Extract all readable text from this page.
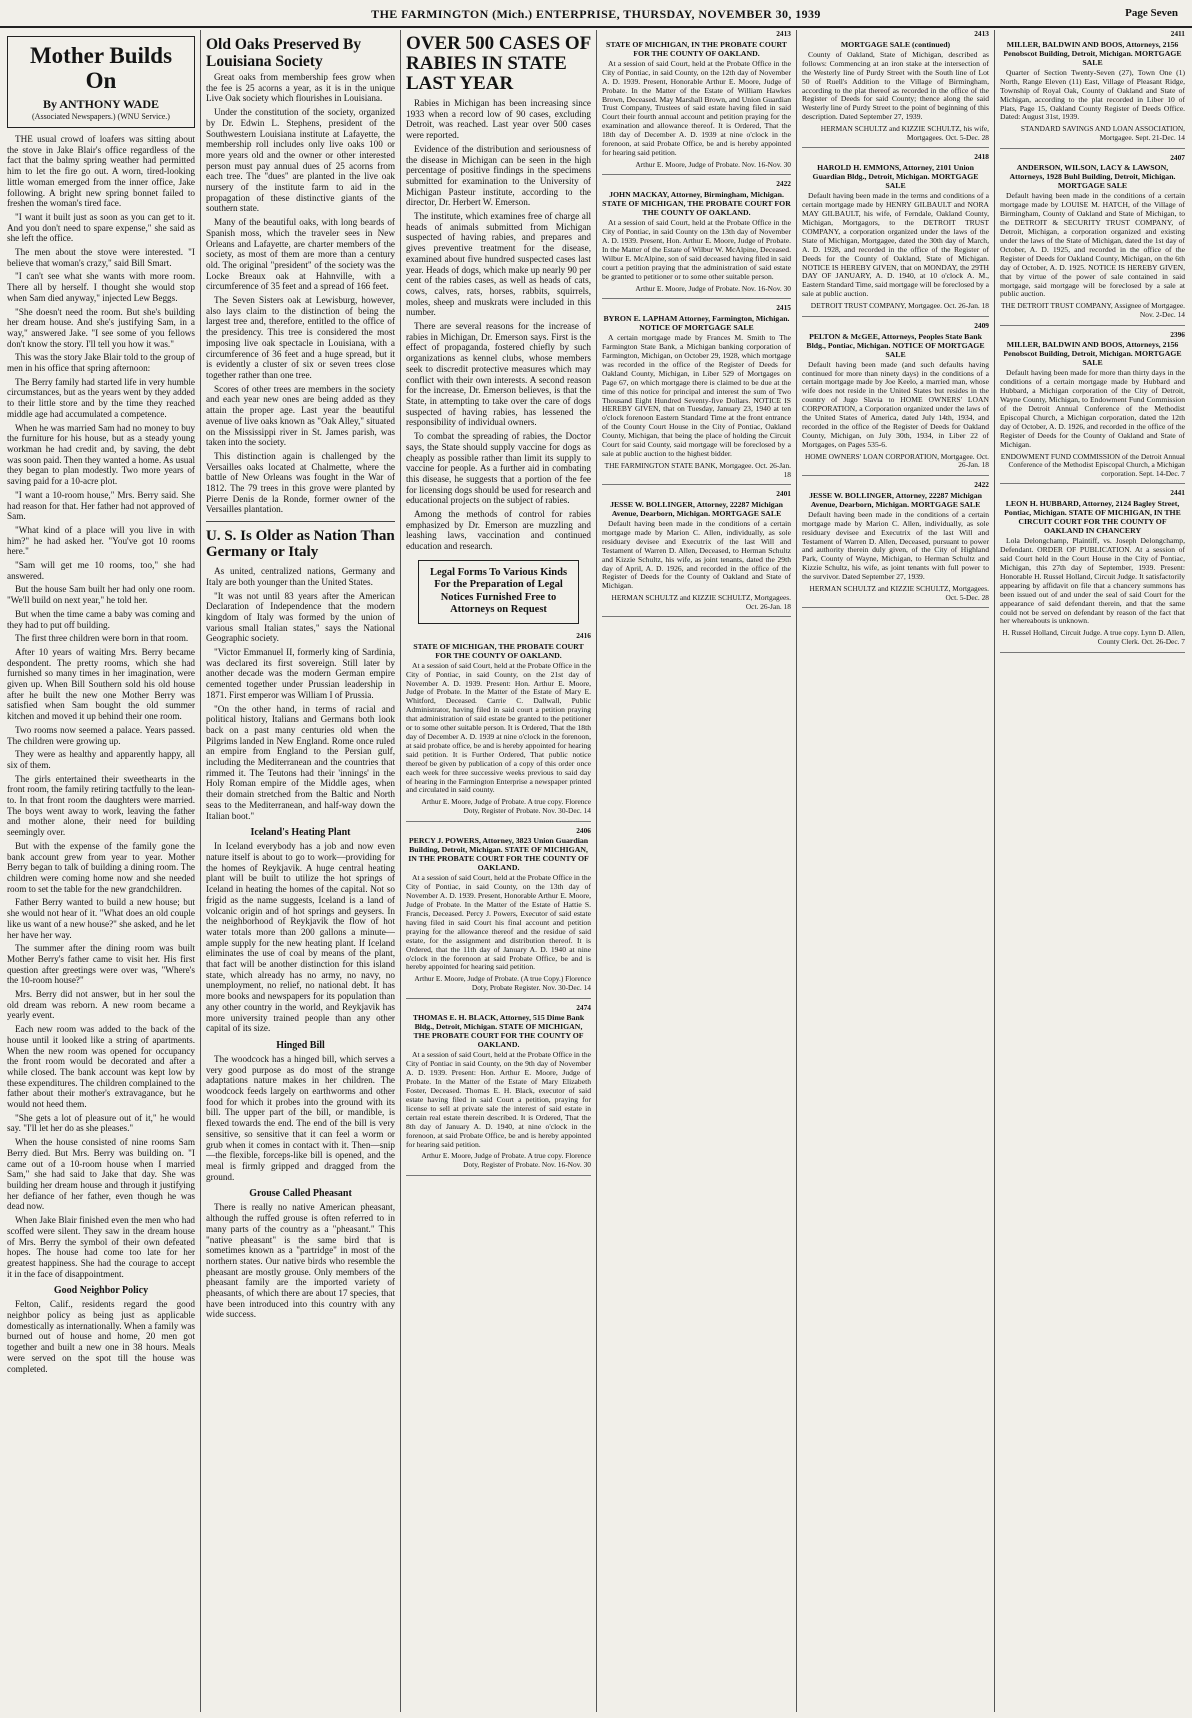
THE FARMINGTON (Mich.) ENTERPRISE, THURSDAY, NOVEMBER 30, 1939	Page Seven
Mother Builds On
By ANTHONY WADE
(Associated Newspapers.) (WNU Service.)

THE usual crowd of loafers was sitting about the stove in Jake Blair's office regardless of the fact that the balmy spring weather had permitted him to let the fire go out. A worn, tired-looking little woman emerged from the inner office, Jake following. A bright new spring bonnet failed to freshen the woman's tired face.

"I want it built just as soon as you can get to it. And you don't need to spare expense," she said as she left the office.

The men about the stove were interested. "I believe that woman's crazy," said Bill Smart.

"I can't see what she wants with more room. There all by herself. I thought she would stop when Sam died anyway," injected Lew Beggs.

"She doesn't need the room. But she's building her dream house. And she's justifying Sam, in a way," answered Jake. "I see some of you fellows don't know the story. I'll tell you how it was."

This was the story Jake Blair told to the group of men in his office that spring afternoon:

The Berry family had started life in very humble circumstances, but as the years went by they added to their little store and by the time they reached middle age had accumulated a competence.

When he was married Sam had no money to buy the furniture for his house, but as a steady young workman he had credit and, by saving, the debt was soon paid. Then they wanted a home. As usual they began to plan modestly. Two more years of saving paid for a 10-acre plot.

"I want a 10-room house," Mrs. Berry said. She had reason for that. Her father had not approved of Sam.

"What kind of a place will you live in with him?" he had asked her. "You've got 10 rooms here."

"Sam will get me 10 rooms, too," she had answered.

But the house Sam built her had only one room. "We'll build on next year," he told her.

But when the time came a baby was coming and they had to put off building.

The first three children were born in that room.

After 10 years of waiting Mrs. Berry became despondent. The pretty rooms, which she had furnished so many times in her imagination, were given up. When Bill Southern sold his old house after he built the new one Mother Berry was satisfied when Sam bought the old summer kitchen and moved it up behind their one room.

Two rooms now seemed a palace. Years passed. The children were growing up.

They were as healthy and apparently happy, all six of them.

The girls entertained their sweethearts in the front room, the family retiring tactfully to the lean-to. In that front room the daughters were married. The boys went away to work, leaving the father and mother alone, their need for building seemingly over.

But with the expense of the family gone the bank account grew from year to year. Mother Berry began to talk of building a dining room. The children were coming home now and she needed room to set the table for the new grandchildren.

Father Berry wanted to build a new house; but she would not hear of it. "What does an old couple like us want of a new house?" she asked, and he let her have her way.

The summer after the dining room was built Mother Berry's father came to visit her. His first question after greetings were over was, "Where's the 10-room house?"

Mrs. Berry did not answer, but in her soul the old dream was reborn. A new room became a yearly event.

Each new room was added to the back of the house until it looked like a string of apartments. When the new room was opened for occupancy the front room would be decorated and after a while closed. The bank account was kept low by these expenditures. The children complained to the father about their mother's extravagance, but he would not heed them.

"She gets a lot of pleasure out of it," he would say. "I'll let her do as she pleases."

When the house consisted of nine rooms Sam Berry died. But Mrs. Berry was building on. "I came out of a 10-room house when I married Sam," she had said to Jake that day. She was building her dream house and through it justifying her defiance of her father, even though he was dead now.

When Jake Blair finished even the men who had scoffed were silent. They saw in the dream house of Mrs. Berry the symbol of their own defeated hopes. The house had come too late for her greatest happiness. She had the courage to accept it in the face of disappointment.

Good Neighbor Policy

Felton, Calif., residents regard the good neighbor policy as being just as applicable domestically as internationally. When a family was burned out of house and home, 20 men got together and built a new one in 38 hours. Meals were served on the spot till the house was completed.

Old Oaks Preserved By Louisiana Society

Great oaks from membership fees grow when the fee is 25 acorns a year, as it is in the unique Live Oak society which flourishes in Louisiana.

Under the constitution of the society, organized by Dr. Edwin L. Stephens, president of the Southwestern Louisiana institute at Lafayette, the membership roll includes only live oaks 100 or more years old and the owner or other interested person must pay annual dues of 25 acorns from each tree. The "dues" are planted in the live oak nursery of the institute farm to aid in the propagation of these distinctive giants of the southern state.

Many of the beautiful oaks, with long beards of Spanish moss, which the traveler sees in New Orleans and Lafayette, are charter members of the society, as most of them are more than a century old. The original "president" of the society was the Locke Breaux oak at Hahnville, with a circumference of 35 feet and a spread of 166 feet.

The Seven Sisters oak at Lewisburg, however, also lays claim to the distinction of being the largest tree and, therefore, entitled to the office of the presidency. This tree is considered the most imposing live oak spectacle in Louisiana, with a circumference of 36 feet and a huge spread, but it is evidently a cluster of six or seven trees close together rather than one tree.

Scores of other trees are members in the society and each year new ones are being added as they attain the proper age. Last year the beautiful avenue of live oaks known as "Oak Alley," situated on the Mississippi river in St. James parish, was taken into the society.

This distinction again is challenged by the Versailles oaks located at Chalmette, where the battle of New Orleans was fought in the War of 1812. The 79 trees in this grove were planted by Pierre Denis de la Ronde, former owner of the Versailles plantation.

U. S. Is Older as Nation Than Germany or Italy

As united, centralized nations, Germany and Italy are both younger than the United States.

"It was not until 83 years after the American Declaration of Independence that the modern kingdom of Italy was formed by the union of various small Italian states," says the National Geographic society.

"Victor Emmanuel II, formerly king of Sardinia, was declared its first sovereign. Still later by another decade was the modern German empire cemented together under Prussian leadership in 1871. First emperor was William I of Prussia.

"On the other hand, in terms of racial and political history, Italians and Germans both look back on a past many centuries old when the Pilgrims landed in New England. Rome once ruled an empire from England to the Persian gulf, including the Mediterranean and the countries that rimmed it. The Teutons had their 'innings' in the Holy Roman empire of the Middle ages, when their domain stretched from the Baltic and North seas to the Mediterranean, and half-way down the Italian boot."

Iceland's Heating Plant

In Iceland everybody has a job and now even nature itself is about to go to work—providing for the homes of Reykjavik. A huge central heating plant will be built to utilize the hot springs of Iceland in heating the homes of the capital. Not so frigid as the name suggests, Iceland is a land of volcanic origin and of hot springs and geysers. In the neighborhood of Reykjavik the flow of hot water totals more than 200 gallons a minute—ample supply for the new heating plant. If Iceland eliminates the use of coal by means of the plant, that fact will be another distinction for this island state, which already has no army, no navy, no unemployment, no relief, no national debt. It has more books and newspapers for its population than any other country in the world, and Reykjavik has more university trained people than any other capital of its size.

Hinged Bill

The woodcock has a hinged bill, which serves a very good purpose as do most of the strange adaptations nature makes in her children. The woodcock feeds largely on earthworms and other food for which it probes into the ground with its bill. The upper part of the bill, or mandible, is flexed towards the end. The end of the bill is very sensitive, so sensitive that it can feel a worm or grub when it comes in contact with it. Then—snip—the flexible, forceps-like bill is opened, and the meal is firmly gripped and dragged from the ground.

Grouse Called Pheasant

There is really no native American pheasant, although the ruffed grouse is often referred to in many parts of the country as a "pheasant." This "native pheasant" is the same bird that is sometimes known as a "partridge" in most of the northern states. Our native birds who resemble the pheasant are mostly grouse. Only members of the pheasant family are the imported variety of pheasants, of which there are about 17 species, that have been introduced into this country with any wide success.

OVER 500 CASES OF RABIES IN STATE LAST YEAR

Rabies in Michigan has been increasing since 1933 when a record low of 90 cases, excluding Detroit, was reached. Last year over 500 cases were reported.

Evidence of the distribution and seriousness of the disease in Michigan can be seen in the high percentage of positive findings in the specimens submitted for examination to the University of Michigan Pasteur institute, according to the director, Dr. Herbert W. Emerson.

The institute, which examines free of charge all heads of animals submitted from Michigan suspected of having rabies, and prepares and gives preventive treatment for the disease, examined about five hundred suspected cases last year. Heads of dogs, which make up nearly 90 per cent of the rabies cases, as well as heads of cats, cows, calves, rats, horses, rabbits, squirrels, moles, sheep and muskrats were included in this number.

There are several reasons for the increase of rabies in Michigan, Dr. Emerson says. First is the effect of propaganda, fostered chiefly by such organizations as kennel clubs, whose members seek to discredit protective measures which may conflict with their own interests. A second reason for the increase, Dr. Emerson believes, is that the State, in attempting to take over the care of dogs suspected of having rabies, has lessened the responsibility of individual owners.

To combat the spreading of rabies, the Doctor says, the State should supply vaccine for dogs as cheaply as possible rather than limit its supply to vaccine for people. As a further aid in combating this disease, he suggests that a portion of the fee for licensing dogs should be used for research and educational projects on the subject of rabies.

Among the methods of control for rabies emphasized by Dr. Emerson are muzzling and leashing laws, vaccination and continued education and research.

Legal Forms To Various Kinds For the Preparation of Legal Notices Furnished Free to Attorneys on Request

2416

STATE OF MICHIGAN, THE PROBATE COURT FOR THE COUNTY OF OAKLAND.

At a session of said Court, held at the Probate Office in the City of Pontiac, in said County, on the 21st day of November A. D. 1939. Present: Hon. Arthur E. Moore, Judge of Probate. In the Matter of the Estate of Mary E. Whitford, Deceased. Carrie C. Dallwall, Public Administrator, having filed in said court a petition praying that administration of said estate be granted to the petitioner or to some other suitable person. It is Ordered, That the 18th day of December A. D. 1939 at nine o'clock in the forenoon, at said probate office, be and is hereby appointed for hearing said petition. It is Further Ordered, That public notice thereof be given by publication of a copy of this order once each week for three successive weeks previous to said day of hearing in the Farmington Enterprise a newspaper printed and circulated in said county.

Arthur E. Moore, Judge of Probate. A true copy. Florence Doty, Register of Probate. Nov. 30-Dec. 14

2406

PERCY J. POWERS, Attorney, 3823 Union Guardian Building, Detroit, Michigan. STATE OF MICHIGAN, IN THE PROBATE COURT FOR THE COUNTY OF OAKLAND.

At a session of said Court, held at the Probate Office in the City of Pontiac, in said County, on the 13th day of November A. D. 1939. Present, Honorable Arthur E. Moore, Judge of Probate. In the Matter of the Estate of Hattie S. Francis, Deceased. Percy J. Powers, Executor of said estate having filed in said Court his final account and petition praying for the allowance thereof and the residue of said estate, for the assignment and distribution thereof. It is Ordered, that the 11th day of January A. D. 1940 at nine o'clock in the forenoon at said Probate Office, be and is hereby appointed for hearing said petition.

Arthur E. Moore, Judge of Probate. (A true Copy.) Florence Doty, Probate Register. Nov. 30-Dec. 14

2474

THOMAS E. H. BLACK, Attorney, 515 Dime Bank Bldg., Detroit, Michigan. STATE OF MICHIGAN, THE PROBATE COURT FOR THE COUNTY OF OAKLAND.

At a session of said Court, held at the Probate Office in the City of Pontiac in said County, on the 9th day of November A. D. 1939. Present: Hon. Arthur E. Moore, Judge of Probate. In the Matter of the Estate of Mary Elizabeth Foster, Deceased. Thomas E. H. Black, executor of said estate having filed in said Court a petition, praying for license to sell at private sale the interest of said estate in certain real estate therein described. It is Ordered, That the 8th day of January A. D. 1940, at nine o'clock in the forenoon, at said Probate Office, be and is hereby appointed for hearing said petition.

Arthur E. Moore, Judge of Probate. A true copy. Florence Doty, Register of Probate. Nov. 16-Nov. 30

2413

STATE OF MICHIGAN, IN THE PROBATE COURT FOR THE COUNTY OF OAKLAND.

At a session of said Court, held at the Probate Office in the City of Pontiac, in said County, on the 12th day of November A. D. 1939. Present, Honorable Arthur E. Moore, Judge of Probate. In the Matter of the Estate of William Hawkes Brown, Deceased. May Marshall Brown, and Union Guardian Trust Company, Trustees of said estate having filed in said Court their fourth annual account and petition praying for the examination and allowance thereof. It is Ordered, That the 18th day of December A. D. 1939 at nine o'clock in the forenoon, at said Probate Office, be and is hereby appointed for hearing said petition.

Arthur E. Moore, Judge of Probate. Nov. 16-Nov. 30

2422

JOHN MACKAY, Attorney, Birmingham, Michigan. STATE OF MICHIGAN, THE PROBATE COURT FOR THE COUNTY OF OAKLAND.

At a session of said Court, held at the Probate Office in the City of Pontiac, in said County on the 13th day of November A. D. 1939. Present, Hon. Arthur E. Moore, Judge of Probate. In the Matter of the Estate of Wilbur W. McAlpine, Deceased. Wilbur E. McAlpine, son of said deceased having filed in said court a petition praying that the administration of said estate be granted to petitioner or to some other suitable person.

Arthur E. Moore, Judge of Probate. Nov. 16-Nov. 30

2415

BYRON E. LAPHAM Attorney, Farmington, Michigan. NOTICE OF MORTGAGE SALE

A certain mortgage made by Frances M. Smith to The Farmington State Bank, a Michigan banking corporation of Farmington, Michigan, on October 29, 1928, which mortgage was recorded in the office of the Register of Deeds for Oakland County, Michigan, in Liber 529 of Mortgages on Page 67, on which mortgage there is claimed to be due at the time of this notice for principal and interest the sum of Two Thousand Eight Hundred Seventy-five Dollars. NOTICE IS HEREBY GIVEN, that on Tuesday, January 23, 1940 at ten o'clock forenoon Eastern Standard Time at the front entrance of the County Court House in the City of Pontiac, Oakland County, Michigan, that being the place of holding the Circuit Court for said County, said mortgage will be foreclosed by a sale at public auction to the highest bidder.

THE FARMINGTON STATE BANK, Mortgagee. Oct. 26-Jan. 18

2401

JESSE W. BOLLINGER, Attorney, 22287 Michigan Avenue, Dearborn, Michigan. MORTGAGE SALE

Default having been made in the conditions of a certain mortgage made by Marion C. Allen, individually, as sole residuary devisee and Executrix of the last Will and Testament of Warren D. Allen, Deceased, to Herman Schultz and Kizzie Schultz, his wife, as joint tenants, dated the 29th day of April, A. D. 1926, and recorded in the office of the Register of Deeds for the County of Oakland and State of Michigan.

HERMAN SCHULTZ and KIZZIE SCHULTZ, Mortgagees. Oct. 26-Jan. 18

2413

MORTGAGE SALE (continued)

County of Oakland, State of Michigan, described as follows: Commencing at an iron stake at the intersection of the Westerly line of Purdy Street with the South line of Lot 50 of Ruell's Addition to the Village of Birmingham, according to the plat thereof as recorded in the office of the Register of Deeds for said County; thence along the said Westerly line of Purdy Street to the point of beginning of this description. Dated September 27, 1939.

HERMAN SCHULTZ and KIZZIE SCHULTZ, his wife, Mortgagees. Oct. 5-Dec. 28

2418

HAROLD H. EMMONS, Attorney, 2101 Union Guardian Bldg., Detroit, Michigan. MORTGAGE SALE

Default having been made in the terms and conditions of a certain mortgage made by HENRY GILBAULT and NORA MAY GILBAULT, his wife, of Ferndale, Oakland County, Michigan, Mortgagors, to the DETROIT TRUST COMPANY, a corporation organized under the laws of the State of Michigan, Mortgagee, dated the 30th day of March, A. D. 1928, and recorded in the office of the Register of Deeds for the County of Oakland, State of Michigan. NOTICE IS HEREBY GIVEN, that on MONDAY, the 29TH DAY OF JANUARY, A. D. 1940, at 10 o'clock A. M., Eastern Standard Time, said mortgage will be foreclosed by a sale at public auction.

DETROIT TRUST COMPANY, Mortgagee. Oct. 26-Jan. 18

2409

PELTON & McGEE, Attorneys, Peoples State Bank Bldg., Pontiac, Michigan. NOTICE OF MORTGAGE SALE

Default having been made (and such defaults having continued for more than ninety days) in the conditions of a certain mortgage made by Joe Keelo, a married man, whose wife does not reside in the United States but resides in the country of Jugo Slavia to HOME OWNERS' LOAN CORPORATION, a Corporation organized under the laws of the United States of America, dated July 14th, 1934, and recorded in the office of the Register of Deeds for Oakland County, Michigan, on July 30th, 1934, in Liber 22 of Mortgages, on Pages 535-6.

HOME OWNERS' LOAN CORPORATION, Mortgagee. Oct. 26-Jan. 18

2422

JESSE W. BOLLINGER, Attorney, 22287 Michigan Avenue, Dearborn, Michigan. MORTGAGE SALE

Default having been made in the conditions of a certain mortgage made by Marion C. Allen, individually, as sole residuary devisee and Executrix of the last Will and Testament of Warren D. Allen, Deceased, pursuant to power and authority therein duly given, of the City of Highland Park, County of Wayne, Michigan, to Herman Schultz and Kizzie Schultz, his wife, as joint tenants with full power to the survivor. Dated September 27, 1939.

HERMAN SCHULTZ and KIZZIE SCHULTZ, Mortgagees. Oct. 5-Dec. 28

2411

MILLER, BALDWIN AND BOOS, Attorneys, 2156 Penobscot Building, Detroit, Michigan. MORTGAGE SALE

Quarter of Section Twenty-Seven (27), Town One (1) North, Range Eleven (11) East, Village of Pleasant Ridge, Township of Royal Oak, County of Oakland and State of Michigan, according to the plat recorded in Liber 10 of Plats, Page 15, Oakland County Register of Deeds Office. Dated: August 31st, 1939.

STANDARD SAVINGS AND LOAN ASSOCIATION, Mortgagee. Sept. 21-Dec. 14

2407

ANDERSON, WILSON, LACY & LAWSON, Attorneys, 1928 Buhl Building, Detroit, Michigan. MORTGAGE SALE

Default having been made in the conditions of a certain mortgage made by LOUISE M. HATCH, of the Village of Birmingham, County of Oakland and State of Michigan, to the DETROIT & SECURITY TRUST COMPANY, of Detroit, Michigan, a corporation organized and existing under the laws of the State of Michigan, dated the 1st day of October, A. D. 1925, and recorded in the office of the Register of Deeds for Oakland County, Michigan, on the 6th day of October, A. D. 1925. NOTICE IS HEREBY GIVEN, that by virtue of the power of sale contained in said mortgage, said mortgage will be foreclosed by a sale at public auction.

THE DETROIT TRUST COMPANY, Assignee of Mortgagee. Nov. 2-Dec. 14

2396

MILLER, BALDWIN AND BOOS, Attorneys, 2156 Penobscot Building, Detroit, Michigan. MORTGAGE SALE

Default having been made for more than thirty days in the conditions of a certain mortgage made by Hubbard and Hubbard, a Michigan corporation of the City of Detroit, Wayne County, Michigan, to Endowment Fund Commission of the Detroit Annual Conference of the Methodist Episcopal Church, a Michigan corporation, dated the 12th day of October, A. D. 1926, and recorded in the office of the Register of Deeds for the County of Oakland and State of Michigan.

ENDOWMENT FUND COMMISSION of the Detroit Annual Conference of the Methodist Episcopal Church, a Michigan corporation. Sept. 14-Dec. 7

2441

LEON H. HUBBARD, Attorney, 2124 Bagley Street, Pontiac, Michigan. STATE OF MICHIGAN, IN THE CIRCUIT COURT FOR THE COUNTY OF OAKLAND IN CHANCERY

Lola Delongchamp, Plaintiff, vs. Joseph Delongchamp, Defendant. ORDER OF PUBLICATION. At a session of said Court held in the Court House in the City of Pontiac, Michigan, this 27th day of September, 1939. Present: Honorable H. Russel Holland, Circuit Judge. It satisfactorily appearing by affidavit on file that a chancery summons has been issued out of and under the seal of said Court for the appearance of said defendant therein, and that the same could not be served on defendant by reason of the fact that her whereabouts is unknown.

H. Russel Holland, Circuit Judge. A true copy. Lynn D. Allen, County Clerk. Oct. 26-Dec. 7
